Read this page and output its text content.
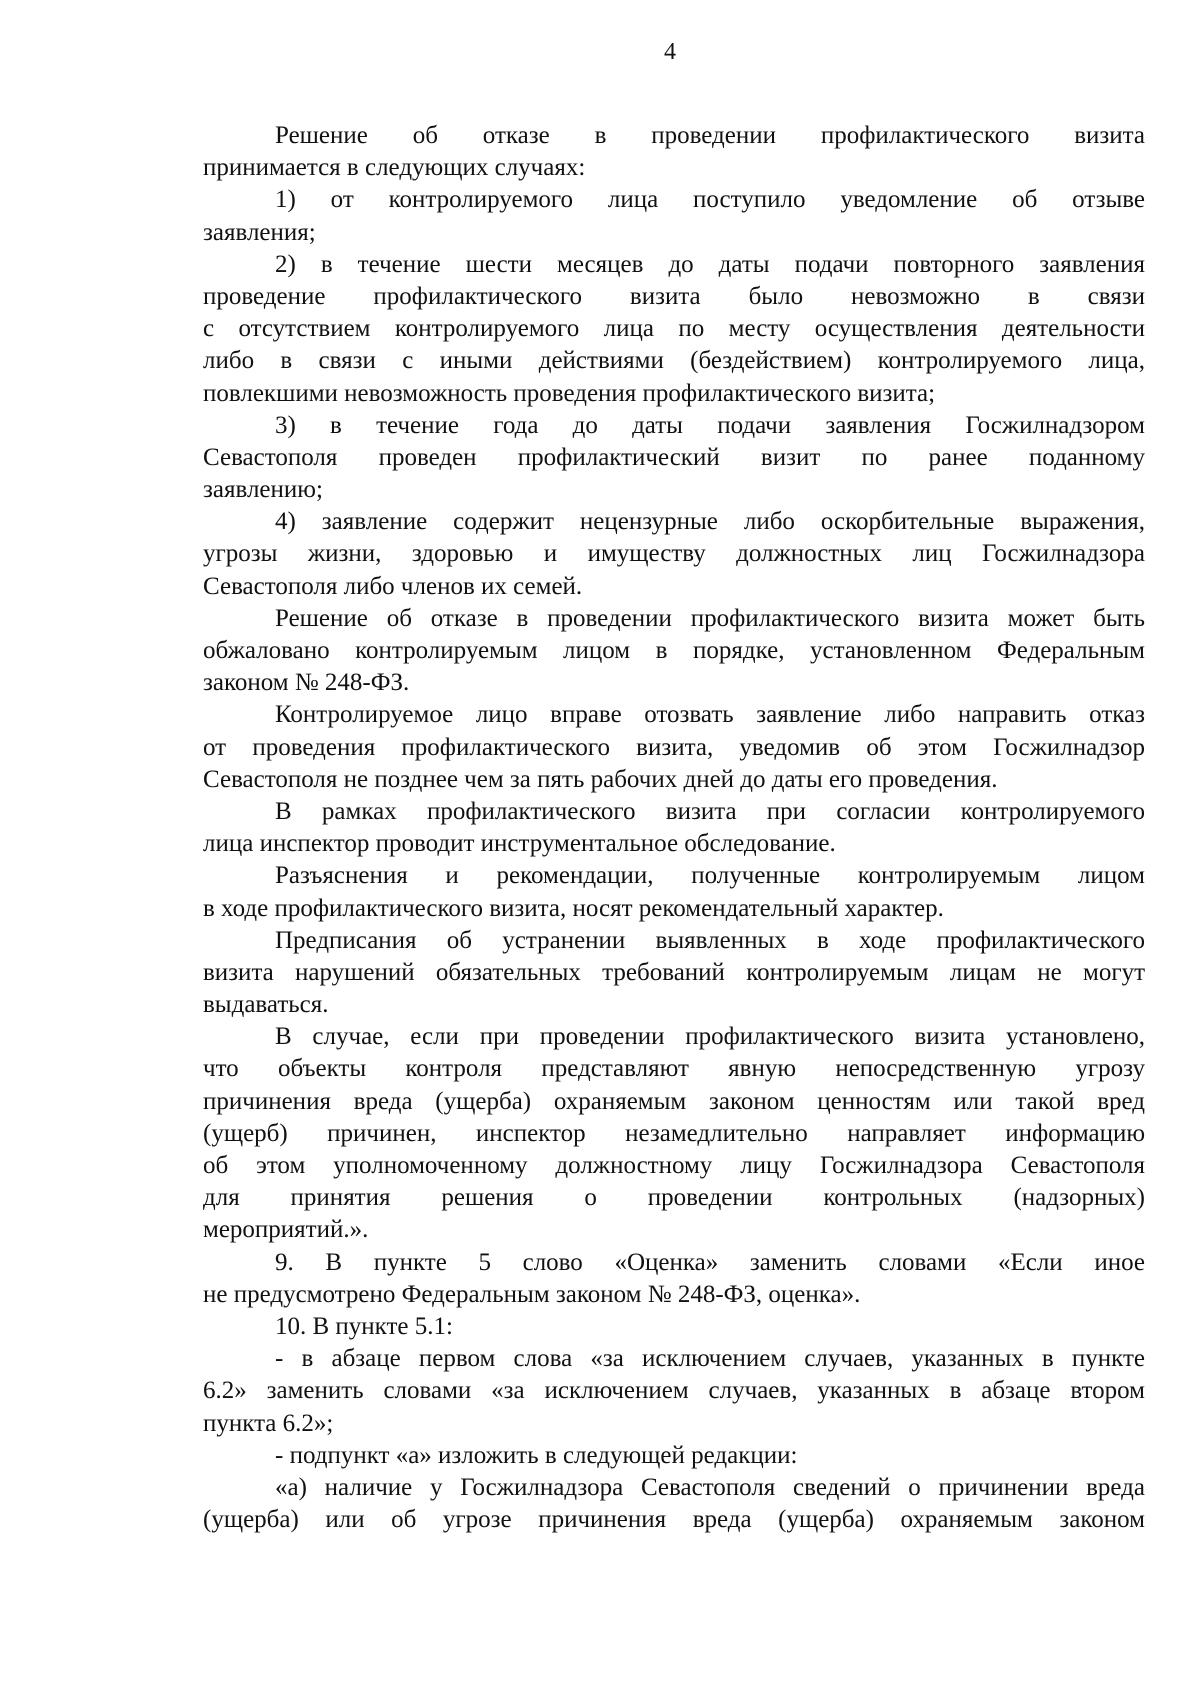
4
Решение об отказе в проведении профилактического визита
принимается в следующих случаях:
1) от контролируемого лица поступило уведомление об отзыве
заявления;
2) в течение шести месяцев до даты подачи повторного заявления
проведение профилактического визита было невозможно в связи
с отсутствием контролируемого лица по месту осуществления деятельности
либо в связи с иными действиями (бездействием) контролируемого лица,
повлекшими невозможность проведения профилактического визита;
3) в течение года до даты подачи заявления Госжилнадзором
Севастополя проведен профилактический визит по ранее поданному
заявлению;
4) заявление содержит нецензурные либо оскорбительные выражения,
угрозы жизни, здоровью и имуществу должностных лиц Госжилнадзора
Севастополя либо членов их семей.
Решение об отказе в проведении профилактического визита может быть
обжаловано контролируемым лицом в порядке, установленном Федеральным
законом № 248-ФЗ.
Контролируемое лицо вправе отозвать заявление либо направить отказ
от проведения профилактического визита, уведомив об этом Госжилнадзор
Севастополя не позднее чем за пять рабочих дней до даты его проведения.
В рамках профилактического визита при согласии контролируемого
лица инспектор проводит инструментальное обследование.
Разъяснения и рекомендации, полученные контролируемым лицом
в ходе профилактического визита, носят рекомендательный характер.
Предписания об устранении выявленных в ходе профилактического
визита нарушений обязательных требований контролируемым лицам не могут
выдаваться.
В случае, если при проведении профилактического визита установлено,
что объекты контроля представляют явную непосредственную угрозу
причинения вреда (ущерба) охраняемым законом ценностям или такой вред
(ущерб) причинен, инспектор незамедлительно направляет информацию
об этом уполномоченному должностному лицу Госжилнадзора Севастополя
для принятия решения о проведении контрольных (надзорных)
мероприятий.».
9. В пункте 5 слово «Оценка» заменить словами «Если иное
не предусмотрено Федеральным законом № 248-ФЗ, оценка».
10. В пункте 5.1:
- в абзаце первом слова «за исключением случаев, указанных в пункте
6.2» заменить словами «за исключением случаев, указанных в абзаце втором
пункта 6.2»;
- подпункт «а» изложить в следующей редакции:
«а) наличие у Госжилнадзора Севастополя сведений о причинении вреда
(ущерба) или об угрозе причинения вреда (ущерба) охраняемым законом
